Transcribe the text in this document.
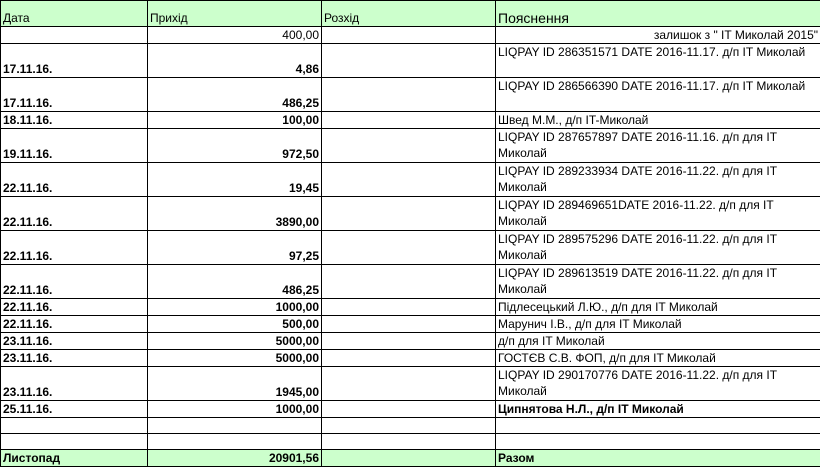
Дата	Прихід	Розхід	Пояснення
	400,00		залишок з " IT Миколай 2015"
17.11.16.	4,86		LIQPAY ID 286351571 DATE 2016-11.17. д/п IT Миколай
17.11.16.	486,25		LIQPAY ID 286566390 DATE 2016-11.17. д/п IT Миколай
18.11.16.	100,00		Швед М.М., д/п IT-Миколай
19.11.16.	972,50		LIQPAY ID 287657897 DATE 2016-11.16. д/п для IT Миколай
22.11.16.	19,45		LIQPAY ID 289233934 DATE 2016-11.22. д/п для IT Миколай
22.11.16.	3890,00		LIQPAY ID 289469651DATE 2016-11.22. д/п для IT Миколай
22.11.16.	97,25		LIQPAY ID 289575296 DATE 2016-11.22. д/п для IT Миколай
22.11.16.	486,25		LIQPAY ID 289613519 DATE 2016-11.22. д/п для IT Миколай
22.11.16.	1000,00		Підлесецький Л.Ю., д/п для IT Миколай
22.11.16.	500,00		Марунич І.В., д/п для IT Миколай
23.11.16.	5000,00		д/п для IT Миколай
23.11.16.	5000,00		ГОСТЄВ С.В. ФОП, д/п для IT Миколай
23.11.16.	1945,00		LIQPAY ID 290170776 DATE 2016-11.22. д/п для IT Миколай
25.11.16.	1000,00		Ципнятова Н.Л., д/п IT Миколай

Листопад	20901,56		Разом
